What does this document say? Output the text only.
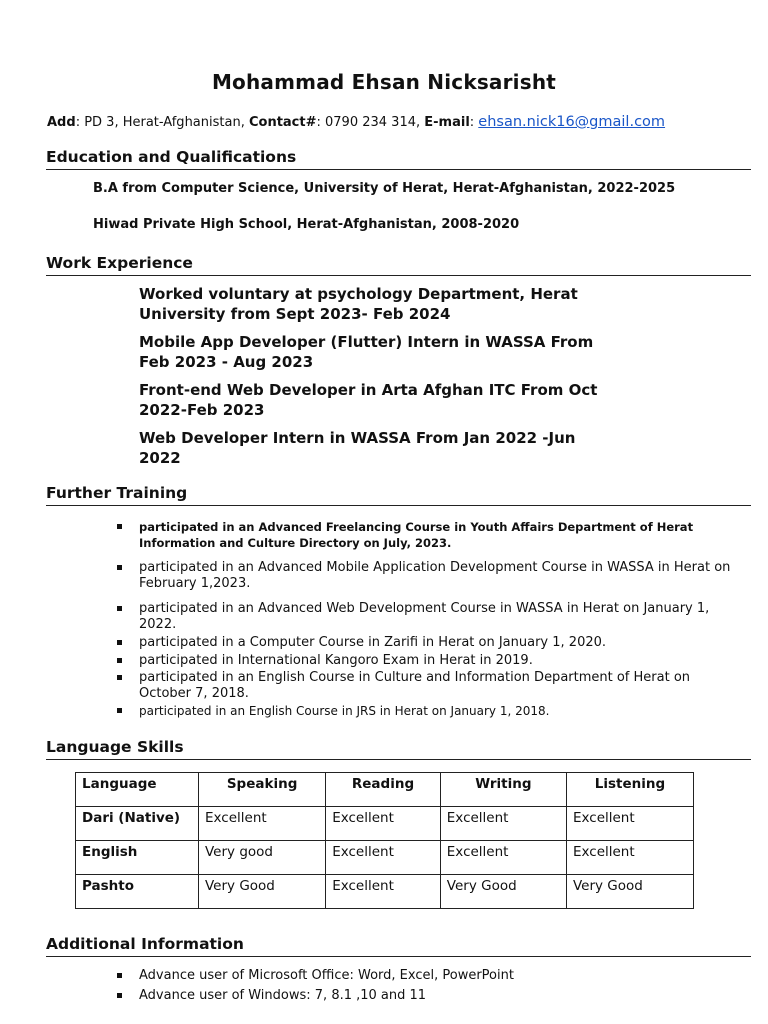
Mohammad Ehsan Nicksarisht
Add: PD 3, Herat-Afghanistan, Contact#: 0790 234 314, E-mail: ehsan.nick16@gmail.com
Education and Qualifications
B.A from Computer Science, University of Herat, Herat-Afghanistan, 2022-2025
Hiwad Private High School, Herat-Afghanistan, 2008-2020
Work Experience
Worked voluntary at psychology Department, Herat University from Sept 2023- Feb 2024
Mobile App Developer (Flutter) Intern in WASSA From Feb 2023 - Aug 2023
Front-end Web Developer in Arta Afghan ITC From Oct 2022-Feb 2023
Web Developer Intern in WASSA From Jan 2022 -Jun 2022
Further Training
participated in an Advanced Freelancing Course in Youth Affairs Department of Herat Information and Culture Directory on July, 2023.
participated in an Advanced Mobile Application Development Course in WASSA in Herat on February 1,2023.
participated in an Advanced Web Development Course in WASSA in Herat on January 1, 2022.
participated in a Computer Course in Zarifi in Herat on January 1, 2020.
participated in International Kangoro Exam in Herat in 2019.
participated in an English Course in Culture and Information Department of Herat on October 7, 2018.
participated in an English Course in JRS in Herat on January 1, 2018.
Language Skills
Language	Speaking	Reading	Writing	Listening
Dari (Native)	Excellent	Excellent	Excellent	Excellent
English	Very good	Excellent	Excellent	Excellent
Pashto	Very Good	Excellent	Very Good	Very Good
Additional Information
Advance user of Microsoft Office: Word, Excel, PowerPoint
Advance user of Windows: 7, 8.1 ,10 and 11
